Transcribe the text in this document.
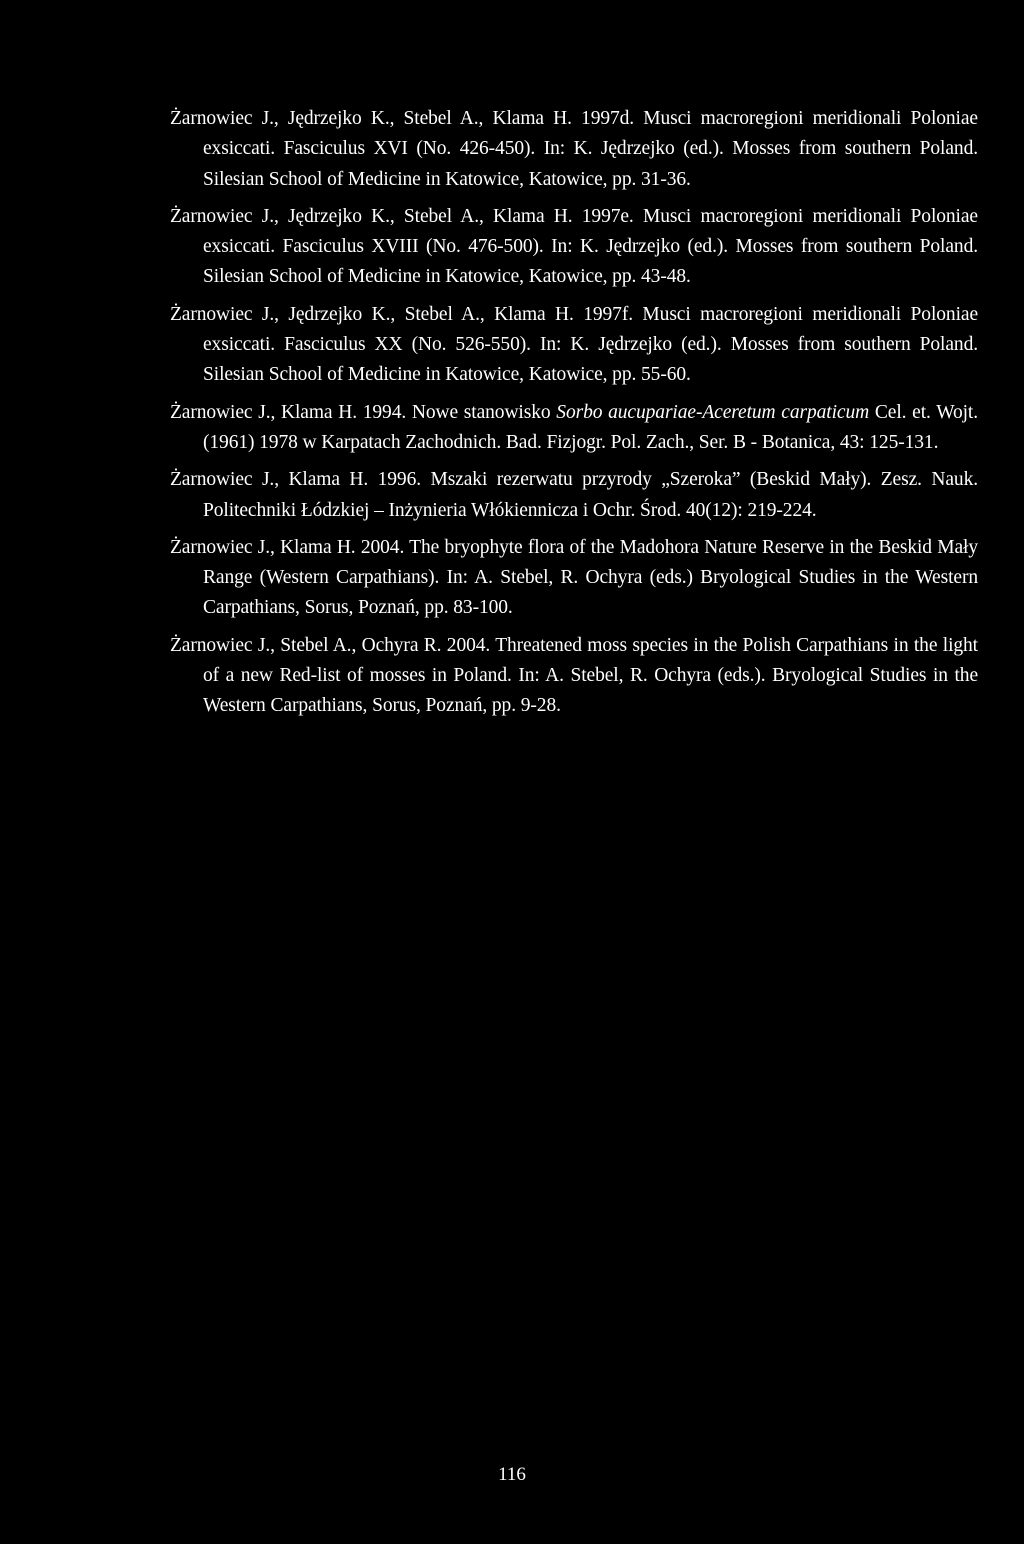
Żarnowiec J., Jędrzejko K., Stebel A., Klama H. 1997d. Musci macroregioni meridionali Poloniae exsiccati. Fasciculus XVI (No. 426-450). In: K. Jędrzejko (ed.). Mosses from southern Poland. Silesian School of Medicine in Katowice, Katowice, pp. 31-36.
Żarnowiec J., Jędrzejko K., Stebel A., Klama H. 1997e. Musci macroregioni meridionali Poloniae exsiccati. Fasciculus XVIII (No. 476-500). In: K. Jędrzejko (ed.). Mosses from southern Poland. Silesian School of Medicine in Katowice, Katowice, pp. 43-48.
Żarnowiec J., Jędrzejko K., Stebel A., Klama H. 1997f. Musci macroregioni meridionali Poloniae exsiccati. Fasciculus XX (No. 526-550). In: K. Jędrzejko (ed.). Mosses from southern Poland. Silesian School of Medicine in Katowice, Katowice, pp. 55-60.
Żarnowiec J., Klama H. 1994. Nowe stanowisko Sorbo aucupariae-Aceretum carpaticum Cel. et. Wojt. (1961) 1978 w Karpatach Zachodnich. Bad. Fizjogr. Pol. Zach., Ser. B - Botanica, 43: 125-131.
Żarnowiec J., Klama H. 1996. Mszaki rezerwatu przyrody „Szeroka” (Beskid Mały). Zesz. Nauk. Politechniki Łódzkiej – Inżynieria Włókiennicza i Ochr. Środ. 40(12): 219-224.
Żarnowiec J., Klama H. 2004. The bryophyte flora of the Madohora Nature Reserve in the Beskid Mały Range (Western Carpathians). In: A. Stebel, R. Ochyra (eds.) Bryological Studies in the Western Carpathians, Sorus, Poznań, pp. 83-100.
Żarnowiec J., Stebel A., Ochyra R. 2004. Threatened moss species in the Polish Carpathians in the light of a new Red-list of mosses in Poland. In: A. Stebel, R. Ochyra (eds.). Bryological Studies in the Western Carpathians, Sorus, Poznań, pp. 9-28.
116
